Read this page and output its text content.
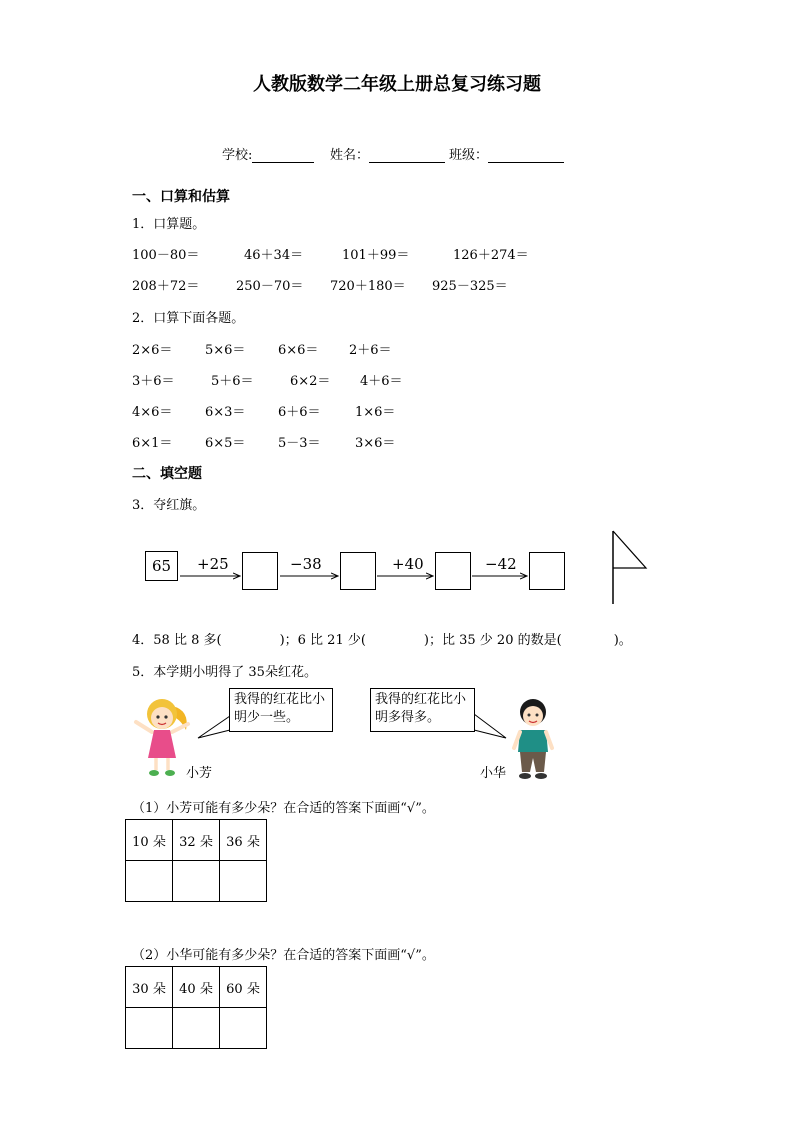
人教版数学二年级上册总复习练习题
学校:	姓名：	班级：
一、口算和估算
1．口算题。
100－80＝	46＋34＝	101＋99＝	126＋274＝
208＋72＝	250－70＝ 720＋180＝ 925－325＝
2．口算下面各题。
2×6＝	5×6＝	6×6＝ 2＋6＝
3＋6＝	5＋6＝	6×2＝ 4＋6＝
4×6＝	6×3＝	6＋6＝	1×6＝
6×1＝	6×5＝	5－3＝	3×6＝
二、填空题
3．夺红旗。
65	+25	−38	+40	−42
4．58 比 8 多(	)；6 比 21 少(	)；比 35 少 20 的数是(	)。
5．本学期小明得了 35朵红花。
小芳
我得的红花比小明少一些。
我得的红花比小明多得多。
小华
（1）小芳可能有多少朵？在合适的答案下面画“√”。
10 朵	32 朵	36 朵

（2）小华可能有多少朵？在合适的答案下面画“√”。
30 朵	40 朵	60 朵
